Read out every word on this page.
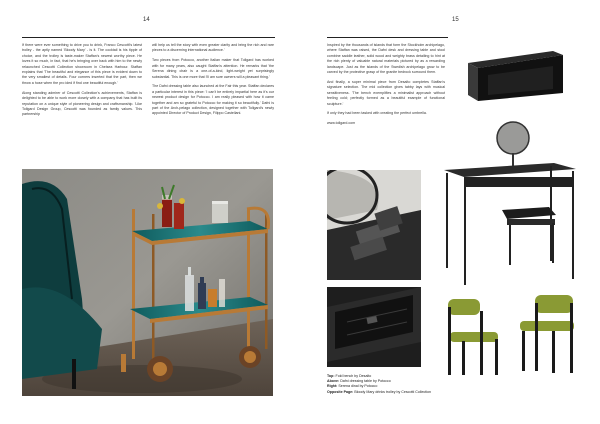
14

If there were ever something to drive you to drink, Franco Cescotti's latest trolley - the aptly named 'Bloody Mary' - is it. The cocktail is his tipple of choice, and the trolley is taste-maker Staffan's newest worthy piece. He loves it so much, in fact, that he's bringing over back with him to the newly relaunched Cescotti Collection showroom in Chelsea Harbour. Staffan explains that 'The beautiful and elegance of this piece is evident down to the very smallest of details. Four corners inserted that the part, then we throw a hose when the pro ided if find one beautiful enough.'

Along standing admirer of Cescotti Collection's achievements, Staffan is delighted to be able to work more closely with a company that has built its reputation on a unique style of pioneering design and craftsmanship. 'Like Tollgard Design Group, Cescotti was founded as family values. This partnership

will help us tell the story with even greater clarity and bring the rich and rare pieces to a discerning international audience.'

Two pieces from Potocco, another Italian maker that Tollgard has worked with for many years, also caught Staffan's attention. He remarks that 'the Serena dining chair is a one-of-a-kind, light-weight yet surprisingly substantial. This is one more that I'll am sure owners will a pleasant thing.'

The Dafni dressing table also launched at the Fair this year. Staffan declares a particular interest in this piece: 'I can't be entirely impartial here as it's our newest product design for Potocco. I am really pleased with how it came together and am so grateful to Potocco for making it so beautifully.' Dafni is part of the Arch-pelago collection, designed together with Tollgard's newly appointed Director of Product Design, Filippo Castellani.

15

Inspired by the thousands of islands that form the Stockholm archipelago, where Staffan was raised, the Dafni desk and dressing table and stool combine saddle leather, solid wood and weighty brass detailing to hint at the rich plenty of valuable natural materials pictured by as a rewarding landscape. Just as the islands of the Swedish archipelago grow to be carved by the protective grasp of the granite bedrock surround them.

And finally, a super minimal piece from Desalto completes Staffan's signature selection. The mid collection gives tabby lays with musical sensitiveness. 'The bench exemplifies a minimalist approach without feeling cold; perfectly formed as a beautiful example of functional sculpture.'

If only they had been tasked with creating the perfect umbrella.

www.tollgard.com

Top: Fold bench by Desalto
Above: Dafni dressing table by Potocco
Right: Serena dinal by Potocco
Opposite Page: Bloody Mary drinks trolley by Cescotti Collection
